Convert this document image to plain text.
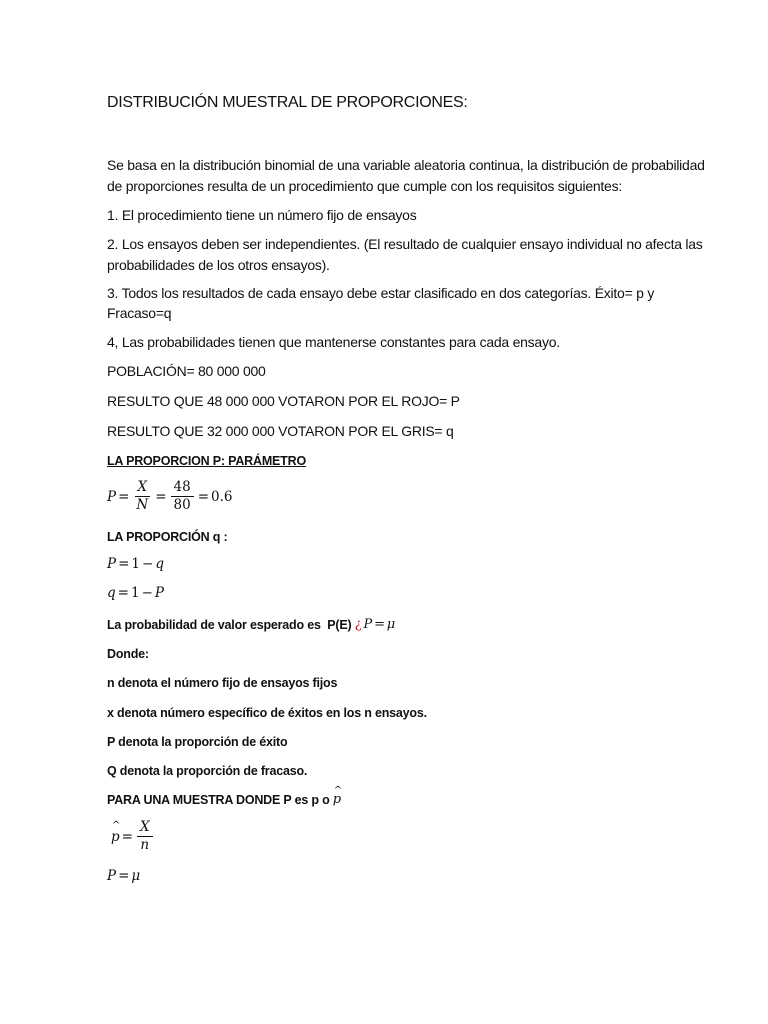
DISTRIBUCIÓN MUESTRAL DE PROPORCIONES:
Se basa en la distribución binomial de una variable aleatoria continua, la distribución de probabilidad
de proporciones resulta de un procedimiento que cumple con los requisitos siguientes:
1. El procedimiento tiene un número fijo de ensayos
2. Los ensayos deben ser independientes. (El resultado de cualquier ensayo individual no afecta las
probabilidades de los otros ensayos).
3. Todos los resultados de cada ensayo debe estar clasificado en dos categorías. Éxito= p y
Fracaso=q
4, Las probabilidades tienen que mantenerse constantes para cada ensayo.
POBLACIÓN= 80 000 000
RESULTO QUE 48 000 000 VOTARON POR EL ROJO= P
RESULTO QUE 32 000 000 VOTARON POR EL GRIS= q
LA PROPORCION P: PARÁMETRO
$P = \frac{X}{N} = \frac{48}{80} = 0.6$
LA PROPORCIÓN q :
P = 1 − q
q = 1 − P
La probabilidad de valor esperado es  P(E) ¿ P = μ
Donde:
n denota el número fijo de ensayos fijos
x denota número específico de éxitos en los n ensayos.
P denota la proporción de éxito
Q denota la proporción de fracaso.
PARA UNA MUESTRA DONDE P es p o
^ p
^ $p = \frac{X}{n}$
P = μ
